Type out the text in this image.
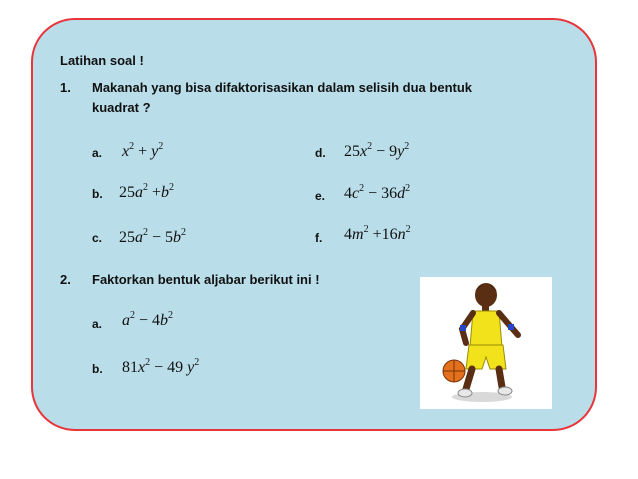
Latihan soal !
1. Makanah yang bisa difaktorisasikan dalam selisih dua bentuk
kuadrat ?
a. $x^2 + y^2$
b. $25a^2 +b^2$
c. $25a^2 - 5b^2$
d. $25x^2 - 9y^2$
e. $4c^2 - 36d^2$
f. $4m^2 +16n^2$
2. Faktorkan bentuk aljabar berikut ini !
a. $a^2 - 4b^2$
b. $81x^2 - 49$ $y^2$
